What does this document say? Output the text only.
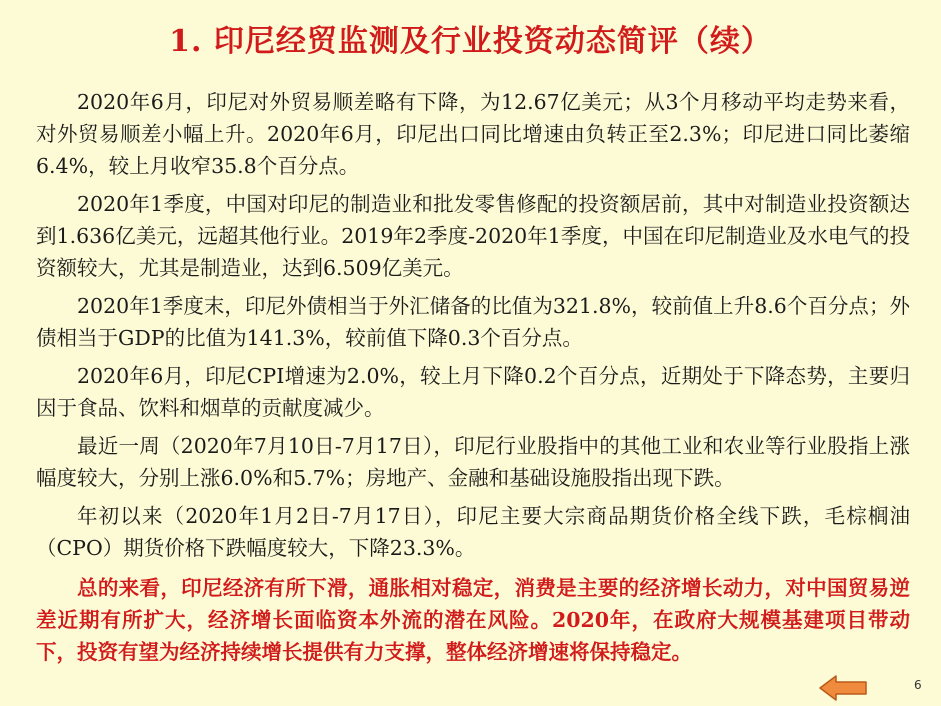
1. 印尼经贸监测及行业投资动态简评（续）

2020年6月，印尼对外贸易顺差略有下降，为12.67亿美元；从3个月移动平均走势来看，对外贸易顺差小幅上升。2020年6月，印尼出口同比增速由负转正至2.3%；印尼进口同比萎缩6.4%，较上月收窄35.8个百分点。

2020年1季度，中国对印尼的制造业和批发零售修配的投资额居前，其中对制造业投资额达到1.636亿美元，远超其他行业。2019年2季度-2020年1季度，中国在印尼制造业及水电气的投资额较大，尤其是制造业，达到6.509亿美元。

2020年1季度末，印尼外债相当于外汇储备的比值为321.8%，较前值上升8.6个百分点；外债相当于GDP的比值为141.3%，较前值下降0.3个百分点。

2020年6月，印尼CPI增速为2.0%，较上月下降0.2个百分点，近期处于下降态势，主要归因于食品、饮料和烟草的贡献度减少。

最近一周（2020年7月10日-7月17日），印尼行业股指中的其他工业和农业等行业股指上涨幅度较大，分别上涨6.0%和5.7%；房地产、金融和基础设施股指出现下跌。

年初以来（2020年1月2日-7月17日），印尼主要大宗商品期货价格全线下跌，毛棕榈油（CPO）期货价格下跌幅度较大，下降23.3%。

总的来看，印尼经济有所下滑，通胀相对稳定，消费是主要的经济增长动力，对中国贸易逆差近期有所扩大，经济增长面临资本外流的潜在风险。2020年，在政府大规模基建项目带动下，投资有望为经济持续增长提供有力支撑，整体经济增速将保持稳定。

6
